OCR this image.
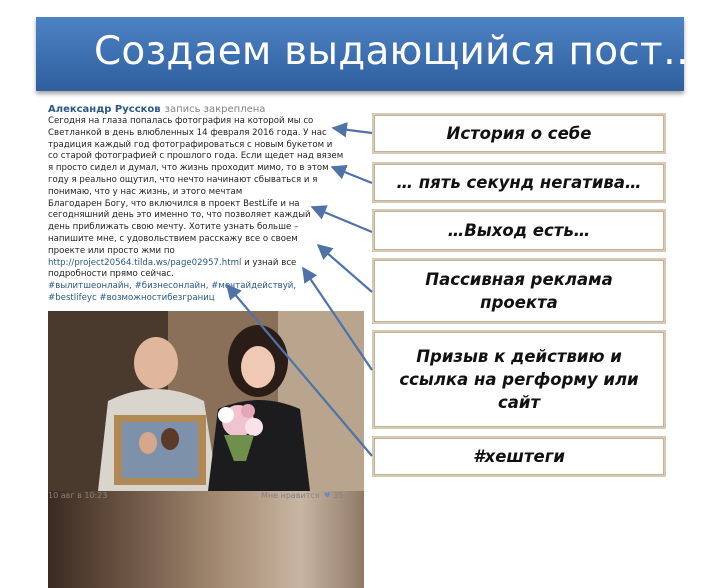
Создаем выдающийся пост…
Александр Руссков запись закреплена
Сегодня на глаза попалась фотография на которой мы со
Светланкой в день влюбленных 14 февраля 2016 года. У нас
традиция каждый год фотографироваться с новым букетом и
со старой фотографией с прошлого года. Если щедет над вязем
я просто сидел и думал, что жизнь проходит мимо, то в этом
году я реально ощутил, что нечто начинают сбываться и я
понимаю, что у нас жизнь, и этого мечтам
Благодарен Богу, что включился в проект BestLife и на
сегодняшний день это именно то, что позволяет каждый
день приближать свою мечту. Хотите узнать больше –
напишите мне, с удовольствием расскажу все о своем
проекте или просто жми по
http://project20564.tilda.ws/page02957.html и узнай все
подробности прямо сейчас.
#вылитшеонлайн, #бизнесонлайн, #мечтайдействуй,
#bestlifeyc #возможностибезграниц
10 авг в 10:23	Мне нравится ♥ 35
История о себе
… пять секунд негатива…
…Выход есть…
Пассивная реклама проекта
Призыв к действию и ссылка на регформу или сайт
#хештеги
